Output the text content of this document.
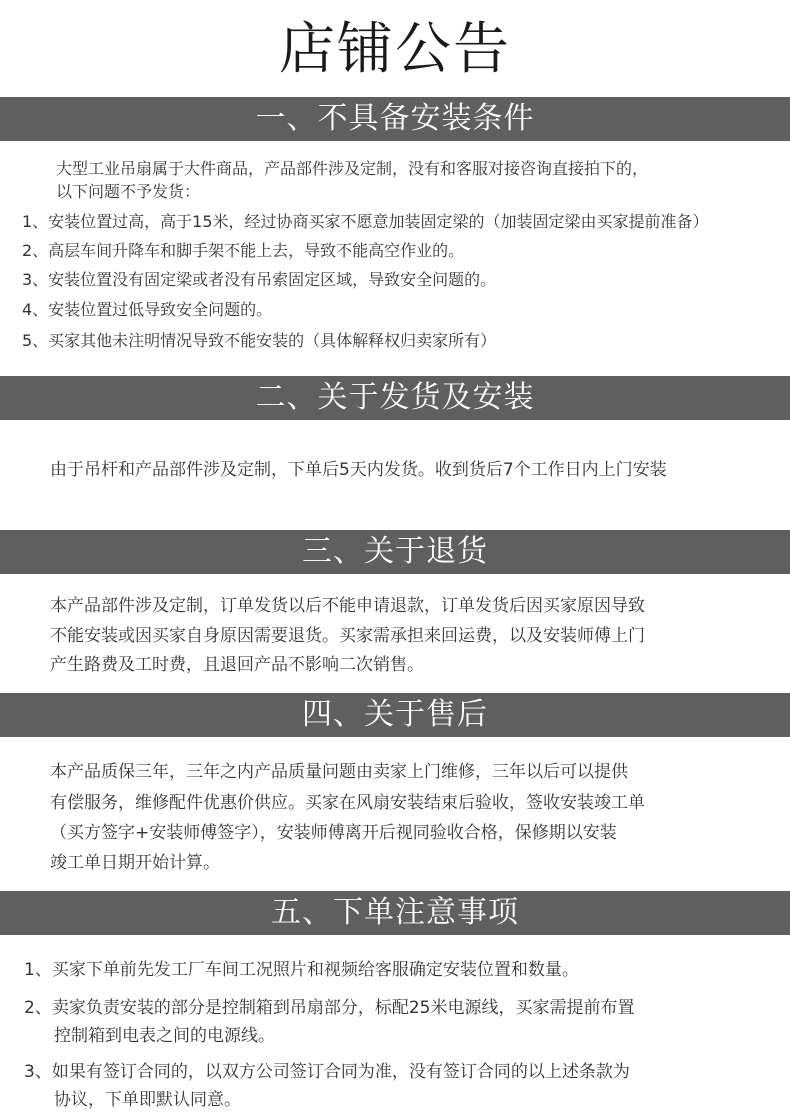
店铺公告
一、不具备安装条件
大型工业吊扇属于大件商品，产品部件涉及定制，没有和客服对接咨询直接拍下的，
以下问题不予发货：
1、安装位置过高，高于15米，经过协商买家不愿意加装固定梁的（加装固定梁由买家提前准备）
2、高层车间升降车和脚手架不能上去，导致不能高空作业的。
3、安装位置没有固定梁或者没有吊索固定区域，导致安全问题的。
4、安装位置过低导致安全问题的。
5、买家其他未注明情况导致不能安装的（具体解释权归卖家所有）
二、关于发货及安装
由于吊杆和产品部件涉及定制，下单后5天内发货。收到货后7个工作日内上门安装
三、关于退货
本产品部件涉及定制，订单发货以后不能申请退款，订单发货后因买家原因导致
不能安装或因买家自身原因需要退货。买家需承担来回运费，以及安装师傅上门
产生路费及工时费，且退回产品不影响二次销售。
四、关于售后
本产品质保三年，三年之内产品质量问题由卖家上门维修，三年以后可以提供
有偿服务，维修配件优惠价供应。买家在风扇安装结束后验收，签收安装竣工单
（买方签字+安装师傅签字），安装师傅离开后视同验收合格，保修期以安装
竣工单日期开始计算。
五、下单注意事项
1、买家下单前先发工厂车间工况照片和视频给客服确定安装位置和数量。
2、卖家负责安装的部分是控制箱到吊扇部分，标配25米电源线，买家需提前布置
控制箱到电表之间的电源线。
3、如果有签订合同的，以双方公司签订合同为准，没有签订合同的以上述条款为
协议，下单即默认同意。
